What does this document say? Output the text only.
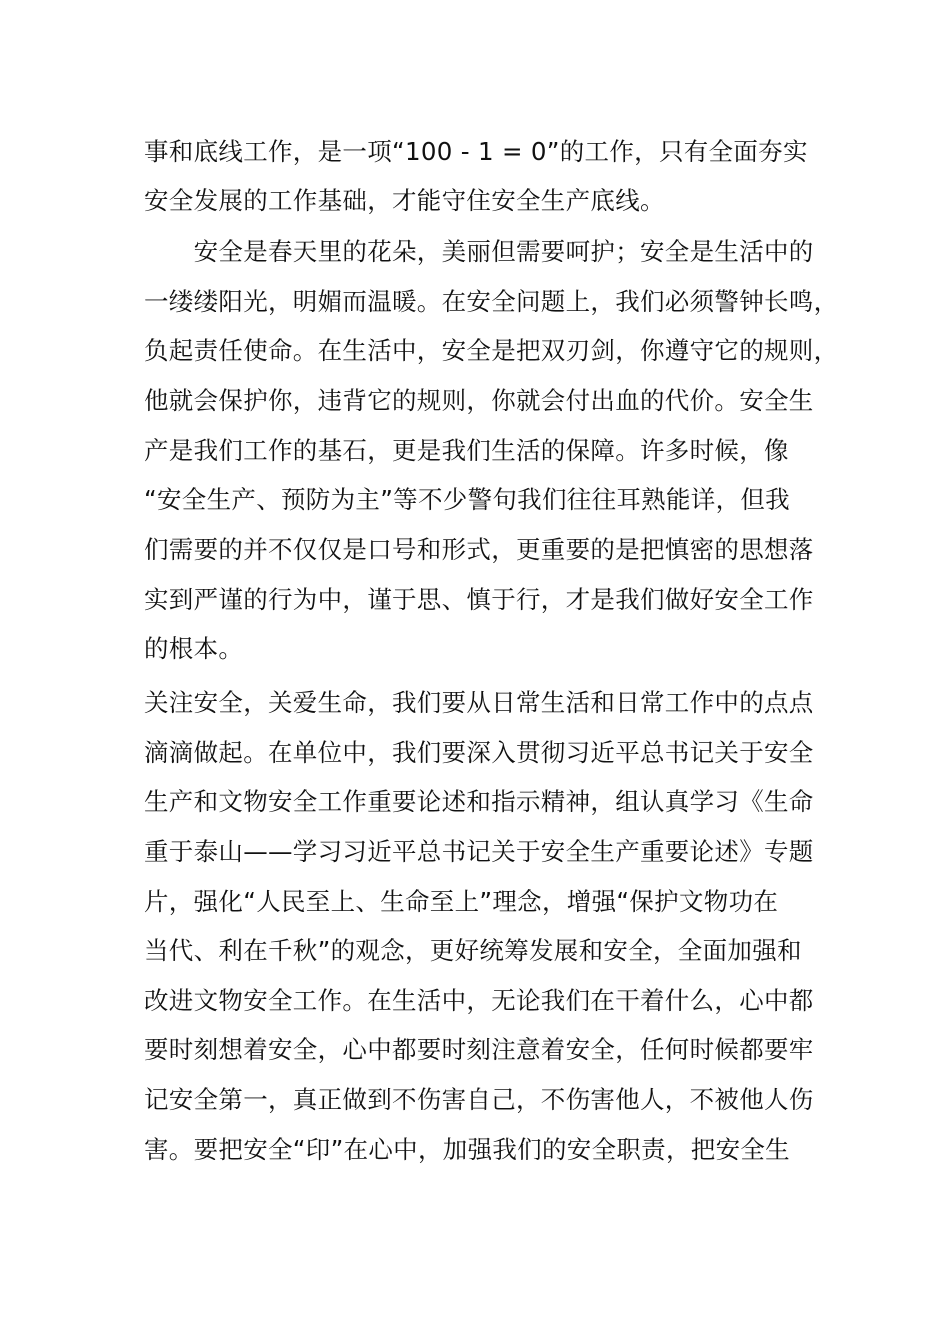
事和底线工作，是一项“100 - 1 = 0”的工作，只有全面夯实
安全发展的工作基础，才能守住安全生产底线。
　　安全是春天里的花朵，美丽但需要呵护；安全是生活中的
一缕缕阳光，明媚而温暖。在安全问题上，我们必须警钟长鸣，
负起责任使命。在生活中，安全是把双刃剑，你遵守它的规则，
他就会保护你，违背它的规则，你就会付出血的代价。安全生
产是我们工作的基石，更是我们生活的保障。许多时候，像
“安全生产、预防为主”等不少警句我们往往耳熟能详，但我
们需要的并不仅仅是口号和形式，更重要的是把慎密的思想落
实到严谨的行为中，谨于思、慎于行，才是我们做好安全工作
的根本。
关注安全，关爱生命，我们要从日常生活和日常工作中的点点
滴滴做起。在单位中，我们要深入贯彻习近平总书记关于安全
生产和文物安全工作重要论述和指示精神，组认真学习《生命
重于泰山——学习习近平总书记关于安全生产重要论述》专题
片，强化“人民至上、生命至上”理念，增强“保护文物功在
当代、利在千秋”的观念，更好统筹发展和安全，全面加强和
改进文物安全工作。在生活中，无论我们在干着什么，心中都
要时刻想着安全，心中都要时刻注意着安全，任何时候都要牢
记安全第一，真正做到不伤害自己，不伤害他人，不被他人伤
害。要把安全“印”在心中，加强我们的安全职责，把安全生
